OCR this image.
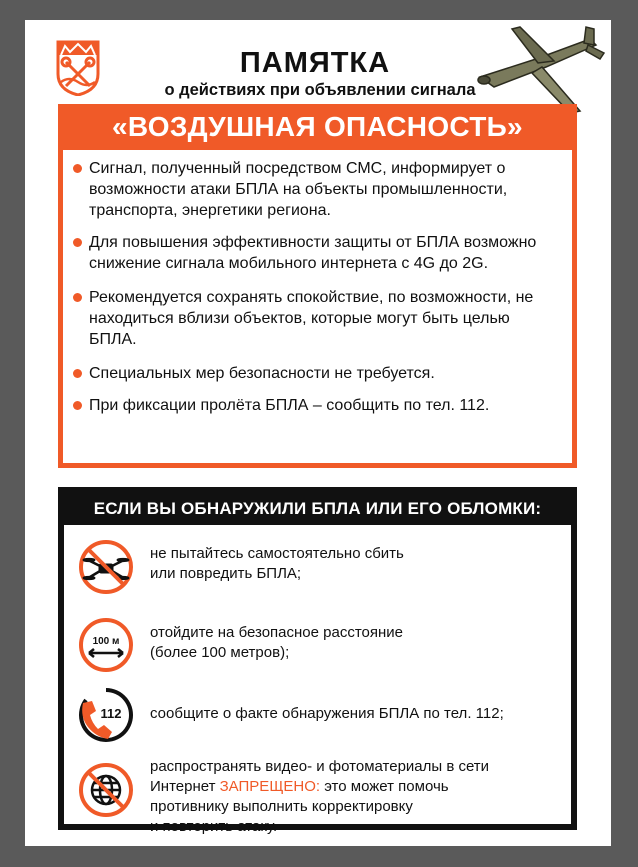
ПАМЯТКА
о действиях при объявлении сигнала
«ВОЗДУШНАЯ ОПАСНОСТЬ»
Сигнал, полученный посредством СМС, информирует о возможности атаки БПЛА на объекты промышленности, транспорта, энергетики региона.
Для повышения эффективности защиты от БПЛА возможно снижение сигнала мобильного интернета с 4G до 2G.
Рекомендуется сохранять спокойствие, по возможности, не находиться вблизи объектов, которые могут быть целью БПЛА.
Специальных мер безопасности не требуется.
При фиксации пролёта БПЛА – сообщить по тел. 112.
ЕСЛИ ВЫ ОБНАРУЖИЛИ БПЛА ИЛИ ЕГО ОБЛОМКИ:
не пытайтесь самостоятельно сбить
или повредить БПЛА;
100 м
отойдите на безопасное расстояние
(более 100 метров);
112 сообщите о факте обнаружения БПЛА по тел. 112;
распространять видео- и фотоматериалы в сети
Интернет ЗАПРЕЩЕНО: это может помочь
противнику выполнить корректировку
и повторить атаку.
